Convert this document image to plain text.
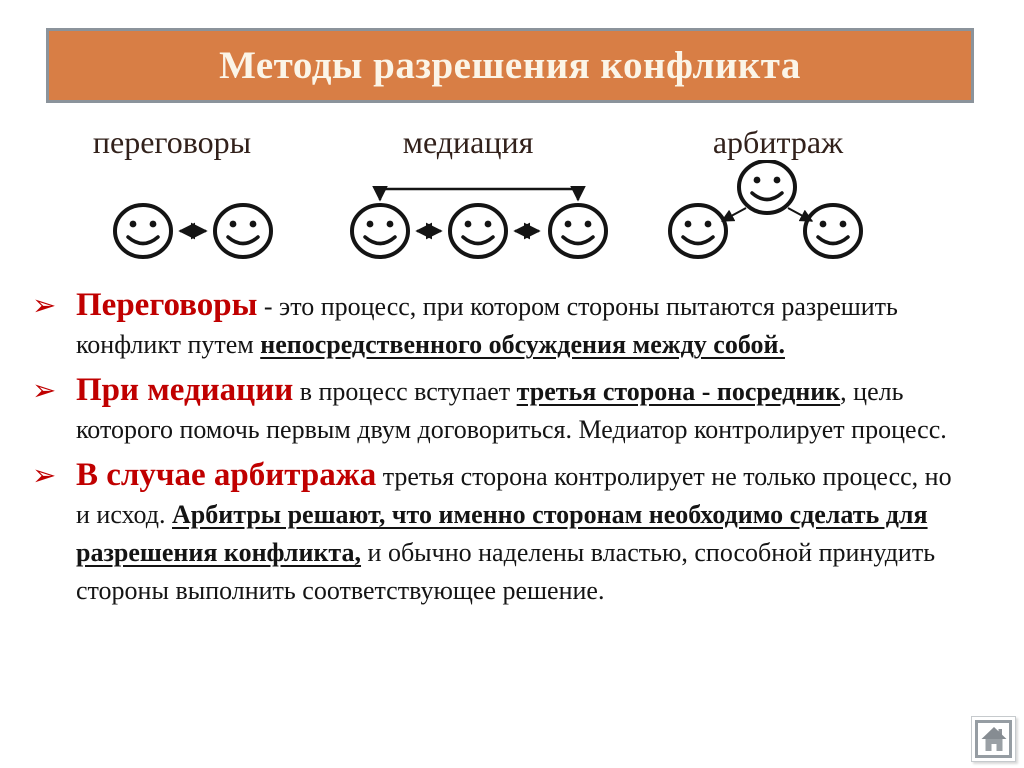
Методы разрешения конфликта
переговоры	медиация	арбитраж

➢ Переговоры - это процесс, при котором стороны пытаются разрешить конфликт путем непосредственного обсуждения между собой.

➢ При медиации в процесс вступает третья сторона - посредник, цель которого помочь первым двум договориться. Медиатор контролирует процесс.

➢ В случае арбитража третья сторона контролирует не только процесс, но и исход. Арбитры решают, что именно сторонам необходимо сделать для разрешения конфликта, и обычно наделены властью, способной принудить стороны выполнить соответствующее решение.
